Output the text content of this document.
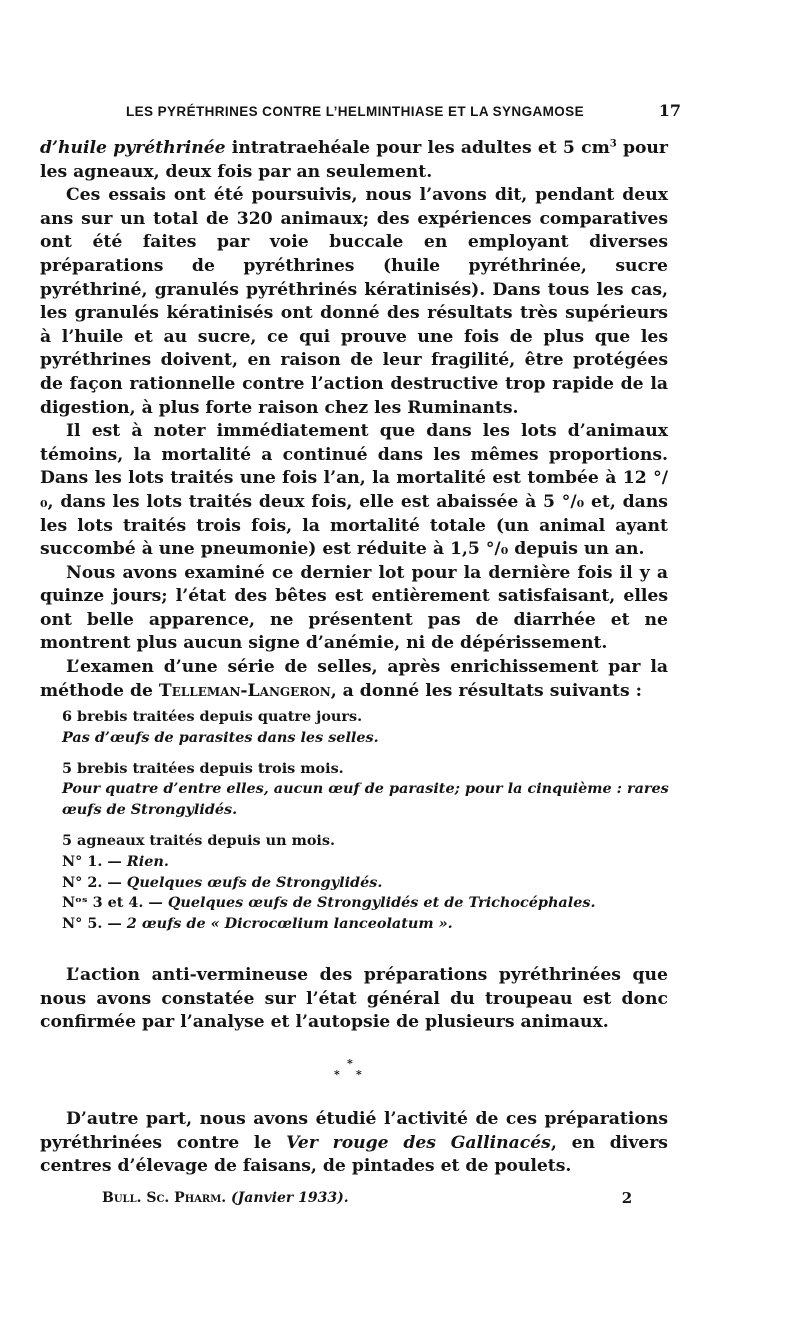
LES PYRÉTHRINES CONTRE L’HELMINTHIASE ET LA SYNGAMOSE	17

d’huile pyréthrinée intratraehéale pour les adultes et 5 $cm^3$ pour les agneaux, deux fois par an seulement.

Ces essais ont été poursuivis, nous l’avons dit, pendant deux ans sur un total de 320 animaux; des expériences comparatives ont été faites par voie buccale en employant diverses préparations de pyréthrines (huile pyréthrinée, sucre pyréthriné, granulés pyréthrinés kératinisés). Dans tous les cas, les granulés kératinisés ont donné des résultats très supérieurs à l’huile et au sucre, ce qui prouve une fois de plus que les pyréthrines doivent, en raison de leur fragilité, être protégées de façon rationnelle contre l’action destructive trop rapide de la digestion, à plus forte raison chez les Ruminants.

Il est à noter immédiatement que dans les lots d’animaux témoins, la mortalité a continué dans les mêmes proportions. Dans les lots traités une fois l’an, la mortalité est tombée à 12 °/₀, dans les lots traités deux fois, elle est abaissée à 5 °/₀ et, dans les lots traités trois fois, la mortalité totale (un animal ayant succombé à une pneumonie) est réduite à 1,5 °/₀ depuis un an.

Nous avons examiné ce dernier lot pour la dernière fois il y a quinze jours; l’état des bêtes est entièrement satisfaisant, elles ont belle apparence, ne présentent pas de diarrhée et ne montrent plus aucun signe d’anémie, ni de dépérissement.

L’examen d’une série de selles, après enrichissement par la méthode de Telleman-Langeron, a donné les résultats suivants :

6 brebis traitées depuis quatre jours.
Pas d’œufs de parasites dans les selles.
5 brebis traitées depuis trois mois.
Pour quatre d’entre elles, aucun œuf de parasite; pour la cinquième : rares œufs de Strongylidés.
5 agneaux traités depuis un mois.
N° 1. — Rien.
N° 2. — Quelques œufs de Strongylidés.
Nᵒˢ 3 et 4. — Quelques œufs de Strongylidés et de Trichocéphales.
N° 5. — 2 œufs de « Dicrocœlium lanceolatum ».

L’action anti-vermineuse des préparations pyréthrinées que nous avons constatée sur l’état général du troupeau est donc confirmée par l’analyse et l’autopsie de plusieurs animaux.

*
* *

D’autre part, nous avons étudié l’activité de ces préparations pyréthrinées contre le Ver rouge des Gallinacés, en divers centres d’élevage de faisans, de pintades et de poulets.

Bull. Sc. Pharm. (Janvier 1933).	2
